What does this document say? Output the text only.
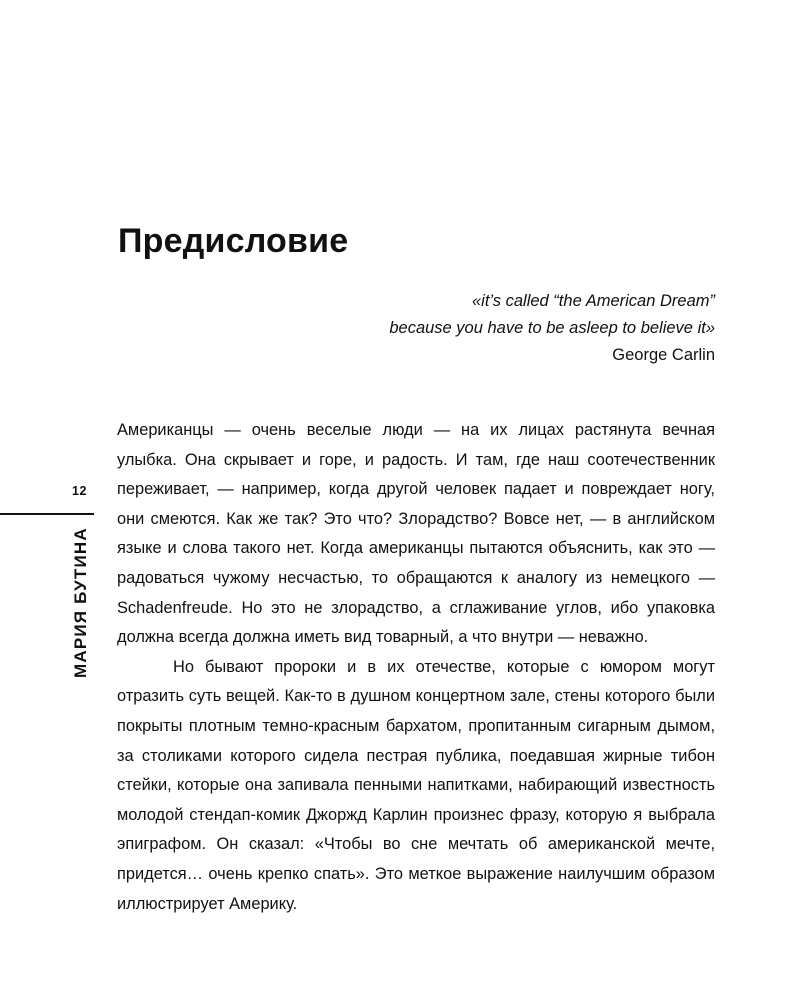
12
МАРИЯ БУТИНА
Предисловие
«it’s called “the American Dream”
because you have to be asleep to believe it»
George Carlin

Американцы — очень веселые люди — на их лицах растянута вечная улыбка. Она скрывает и горе, и радость. И там, где наш соотечественник переживает, — например, когда другой человек падает и повреждает ногу, они смеются. Как же так? Это что? Злорадство? Вовсе нет, — в английском языке и слова такого нет. Когда американцы пытаются объяснить, как это — радоваться чужому несчастью, то обращаются к аналогу из немецкого — Schadenfreude. Но это не злорадство, а сглаживание углов, ибо упаковка должна всегда должна иметь вид товарный, а что внутри — неважно.

Но бывают пророки и в их отечестве, которые с юмором могут отразить суть вещей. Как-то в душном концертном зале, стены которого были покрыты плотным темно-красным бархатом, пропитанным сигарным дымом, за столиками которого сидела пестрая публика, поедавшая жирные тибон стейки, которые она запивала пенными напитками, набирающий известность молодой стендап-комик Джоржд Карлин произнес фразу, которую я выбрала эпиграфом. Он сказал: «Чтобы во сне мечтать об американской мечте, придется… очень крепко спать». Это меткое выражение наилучшим образом иллюстрирует Америку.
